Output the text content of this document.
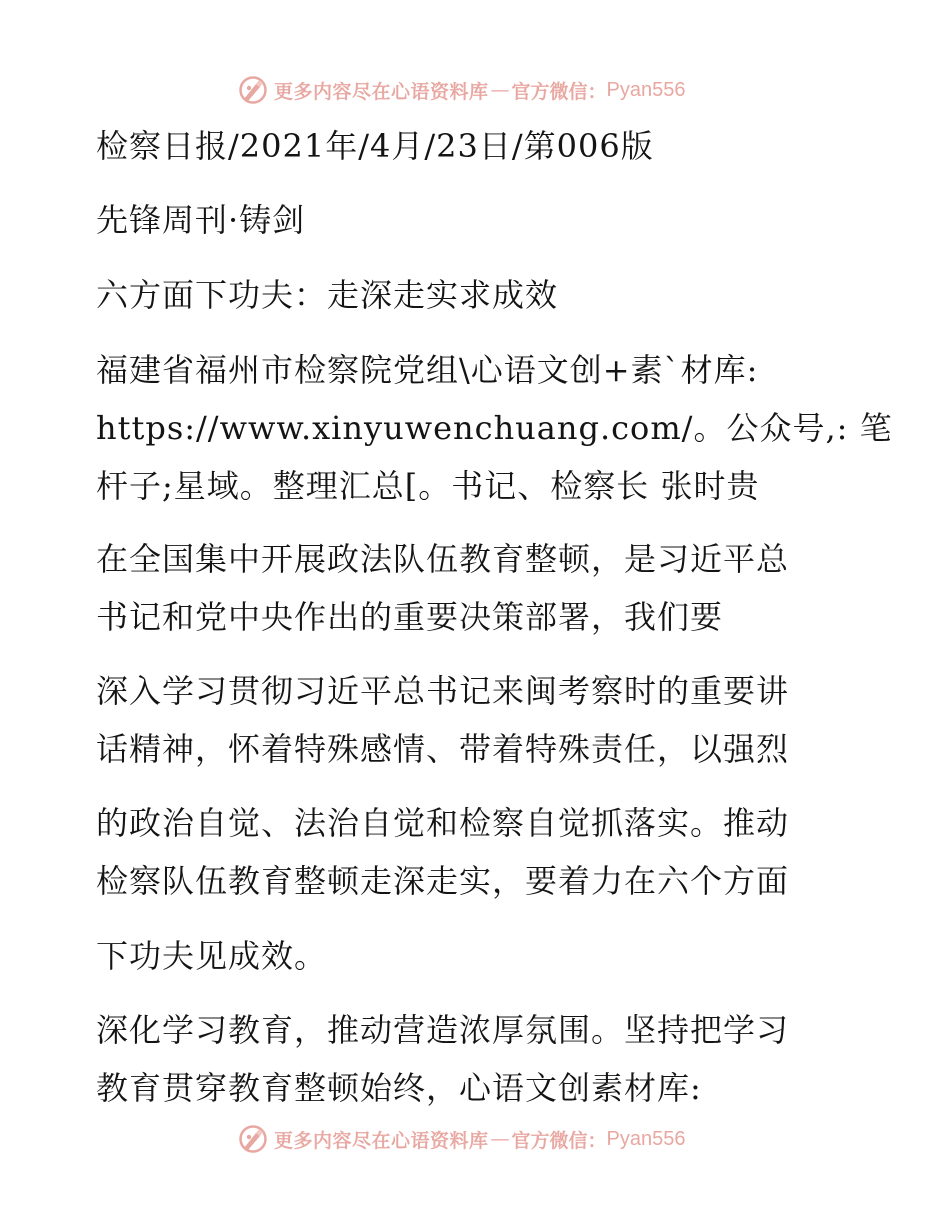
更多内容尽在心语资料库 — 官方微信： Pyan556
检察日报/2021年/4月/23日/第006版
先锋周刊·铸剑
六方面下功夫：走深走实求成效
福建省福州市检察院党组\心语文创+素`材库:
https://www.xinyuwenchuang.com/。公众号,: 笔
杆子;星域。整理汇总[。书记、检察长 张时贵
在全国集中开展政法队伍教育整顿，是习近平总
书记和党中央作出的重要决策部署，我们要
深入学习贯彻习近平总书记来闽考察时的重要讲
话精神，怀着特殊感情、带着特殊责任，以强烈
的政治自觉、法治自觉和检察自觉抓落实。推动
检察队伍教育整顿走深走实，要着力在六个方面
下功夫见成效。
深化学习教育，推动营造浓厚氛围。坚持把学习
教育贯穿教育整顿始终，心语文创素材库:
更多内容尽在心语资料库 — 官方微信： Pyan556
